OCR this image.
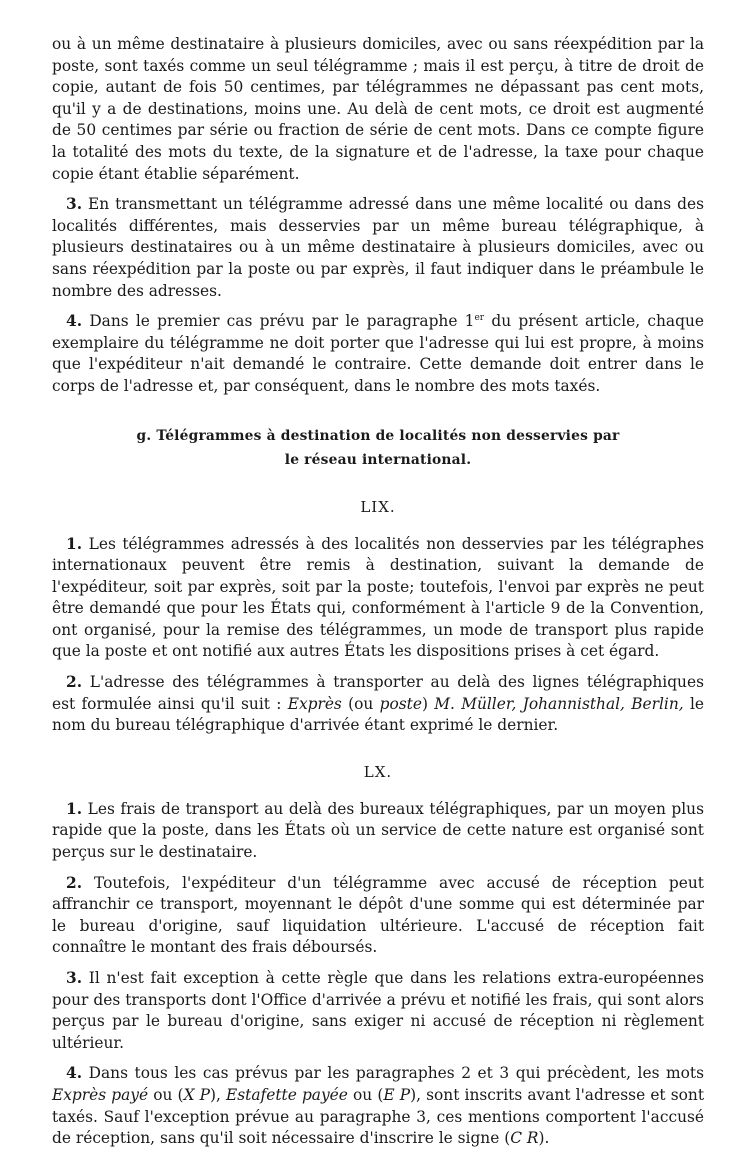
ou à un même destinataire à plusieurs domiciles, avec ou sans réexpédition par la poste, sont taxés comme un seul télégramme ; mais il est perçu, à titre de droit de copie, autant de fois 50 centimes, par télégrammes ne dépassant pas cent mots, qu'il y a de destinations, moins une. Au delà de cent mots, ce droit est augmenté de 50 centimes par série ou fraction de série de cent mots. Dans ce compte figure la totalité des mots du texte, de la signature et de l'adresse, la taxe pour chaque copie étant établie séparément.

3. En transmettant un télégramme adressé dans une même localité ou dans des localités différentes, mais desservies par un même bureau télégraphique, à plusieurs destinataires ou à un même destinataire à plusieurs domiciles, avec ou sans réexpédition par la poste ou par exprès, il faut indiquer dans le préambule le nombre des adresses.

4. Dans le premier cas prévu par le paragraphe 1er du présent article, chaque exemplaire du télégramme ne doit porter que l'adresse qui lui est propre, à moins que l'expéditeur n'ait demandé le contraire. Cette demande doit entrer dans le corps de l'adresse et, par conséquent, dans le nombre des mots taxés.

g. Télégrammes à destination de localités non desservies par
le réseau international.
LIX.

1. Les télégrammes adressés à des localités non desservies par les télégraphes internationaux peuvent être remis à destination, suivant la demande de l'expéditeur, soit par exprès, soit par la poste; toutefois, l'envoi par exprès ne peut être demandé que pour les États qui, conformément à l'article 9 de la Convention, ont organisé, pour la remise des télégrammes, un mode de transport plus rapide que la poste et ont notifié aux autres États les dispositions prises à cet égard.

2. L'adresse des télégrammes à transporter au delà des lignes télégraphiques est formulée ainsi qu'il suit : Exprès (ou poste) M. Müller, Johannisthal, Berlin, le nom du bureau télégraphique d'arrivée étant exprimé le dernier.

LX.

1. Les frais de transport au delà des bureaux télégraphiques, par un moyen plus rapide que la poste, dans les États où un service de cette nature est organisé sont perçus sur le destinataire.

2. Toutefois, l'expéditeur d'un télégramme avec accusé de réception peut affranchir ce transport, moyennant le dépôt d'une somme qui est déterminée par le bureau d'origine, sauf liquidation ultérieure. L'accusé de réception fait connaître le montant des frais déboursés.

3. Il n'est fait exception à cette règle que dans les relations extra-européennes pour des transports dont l'Office d'arrivée a prévu et notifié les frais, qui sont alors perçus par le bureau d'origine, sans exiger ni accusé de réception ni règlement ultérieur.

4. Dans tous les cas prévus par les paragraphes 2 et 3 qui précèdent, les mots Exprès payé ou (X P), Estafette payée ou (E P), sont inscrits avant l'adresse et sont taxés. Sauf l'exception prévue au paragraphe 3, ces mentions comportent l'accusé de réception, sans qu'il soit nécessaire d'inscrire le signe (C R).
